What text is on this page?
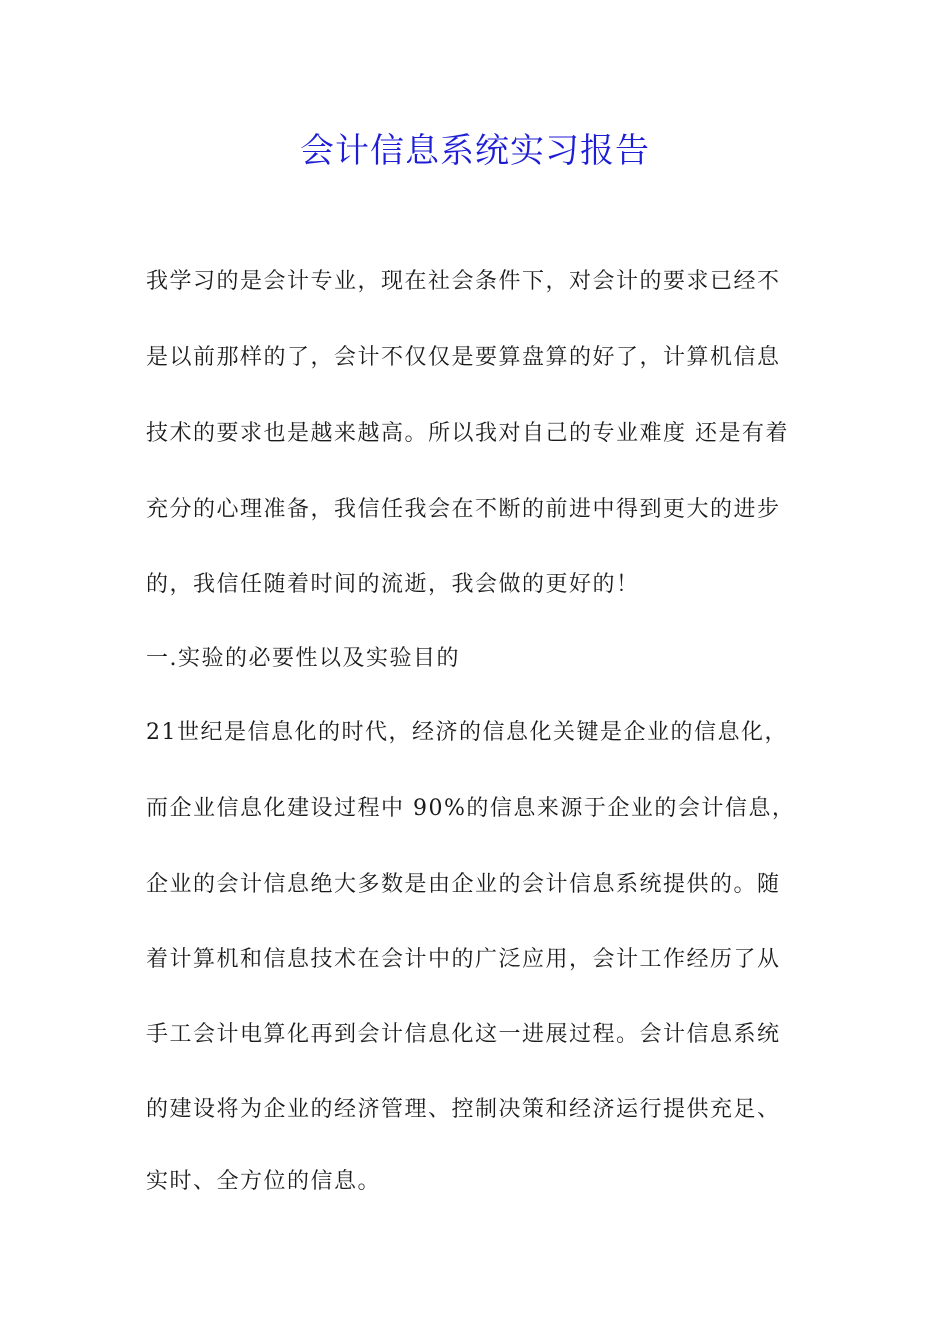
会计信息系统实习报告
我学习的是会计专业，现在社会条件下，对会计的要求已经不
是以前那样的了，会计不仅仅是要算盘算的好了，计算机信息
技术的要求也是越来越高。所以我对自己的专业难度 还是有着
充分的心理准备，我信任我会在不断的前进中得到更大的进步
的，我信任随着时间的流逝，我会做的更好的！
一.实验的必要性以及实验目的
21世纪是信息化的时代，经济的信息化关键是企业的信息化，
而企业信息化建设过程中 90%的信息来源于企业的会计信息，
企业的会计信息绝大多数是由企业的会计信息系统提供的。随
着计算机和信息技术在会计中的广泛应用，会计工作经历了从
手工会计电算化再到会计信息化这一进展过程。会计信息系统
的建设将为企业的经济管理、控制决策和经济运行提供充足、
实时、全方位的信息。
